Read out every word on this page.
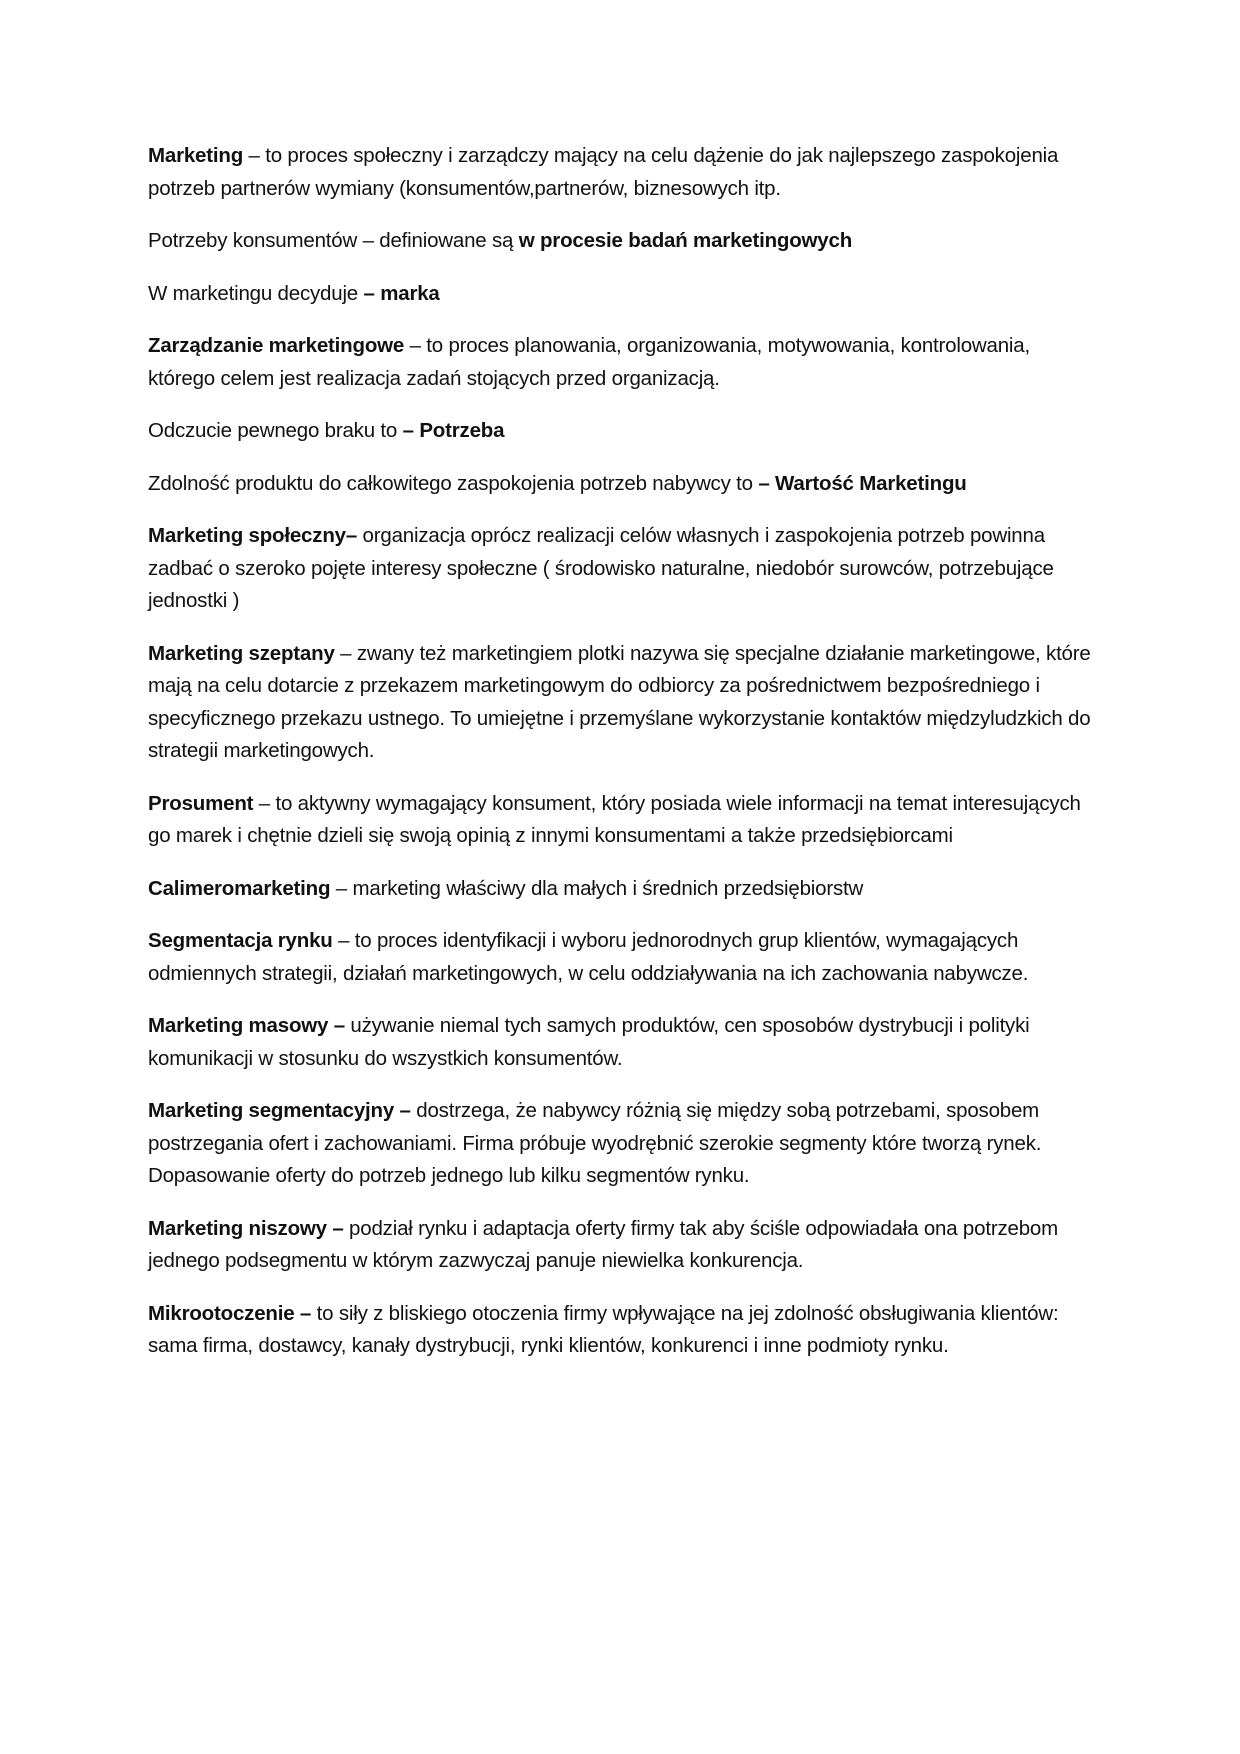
Marketing – to proces społeczny i zarządczy mający na celu dążenie do jak najlepszego zaspokojenia potrzeb partnerów wymiany (konsumentów,partnerów, biznesowych itp.

Potrzeby konsumentów – definiowane są w procesie badań marketingowych

W marketingu decyduje – marka

Zarządzanie marketingowe – to proces planowania, organizowania, motywowania, kontrolowania, którego celem jest realizacja zadań stojących przed organizacją.

Odczucie pewnego braku to – Potrzeba

Zdolność produktu do całkowitego zaspokojenia potrzeb nabywcy to – Wartość Marketingu

Marketing społeczny– organizacja oprócz realizacji celów własnych i zaspokojenia potrzeb powinna zadbać o szeroko pojęte interesy społeczne ( środowisko naturalne, niedobór surowców, potrzebujące jednostki )

Marketing szeptany – zwany też marketingiem plotki nazywa się specjalne działanie marketingowe, które mają na celu dotarcie z przekazem marketingowym do odbiorcy za pośrednictwem bezpośredniego i specyficznego przekazu ustnego. To umiejętne i przemyślane wykorzystanie kontaktów międzyludzkich do strategii marketingowych.

Prosument – to aktywny wymagający konsument, który posiada wiele informacji na temat interesujących go marek i chętnie dzieli się swoją opinią z innymi konsumentami a także przedsiębiorcami

Calimeromarketing – marketing właściwy dla małych i średnich przedsiębiorstw

Segmentacja rynku – to proces identyfikacji i wyboru jednorodnych grup klientów, wymagających odmiennych strategii, działań marketingowych, w celu oddziaływania na ich zachowania nabywcze.

Marketing masowy – używanie niemal tych samych produktów, cen sposobów dystrybucji i polityki komunikacji w stosunku do wszystkich konsumentów.

Marketing segmentacyjny – dostrzega, że nabywcy różnią się między sobą potrzebami, sposobem postrzegania ofert i zachowaniami. Firma próbuje wyodrębnić szerokie segmenty które tworzą rynek. Dopasowanie oferty do potrzeb jednego lub kilku segmentów rynku.

Marketing niszowy – podział rynku i adaptacja oferty firmy tak aby ściśle odpowiadała ona potrzebom jednego podsegmentu w którym zazwyczaj panuje niewielka konkurencja.

Mikrootoczenie – to siły z bliskiego otoczenia firmy wpływające na jej zdolność obsługiwania klientów: sama firma, dostawcy, kanały dystrybucji, rynki klientów, konkurenci i inne podmioty rynku.
